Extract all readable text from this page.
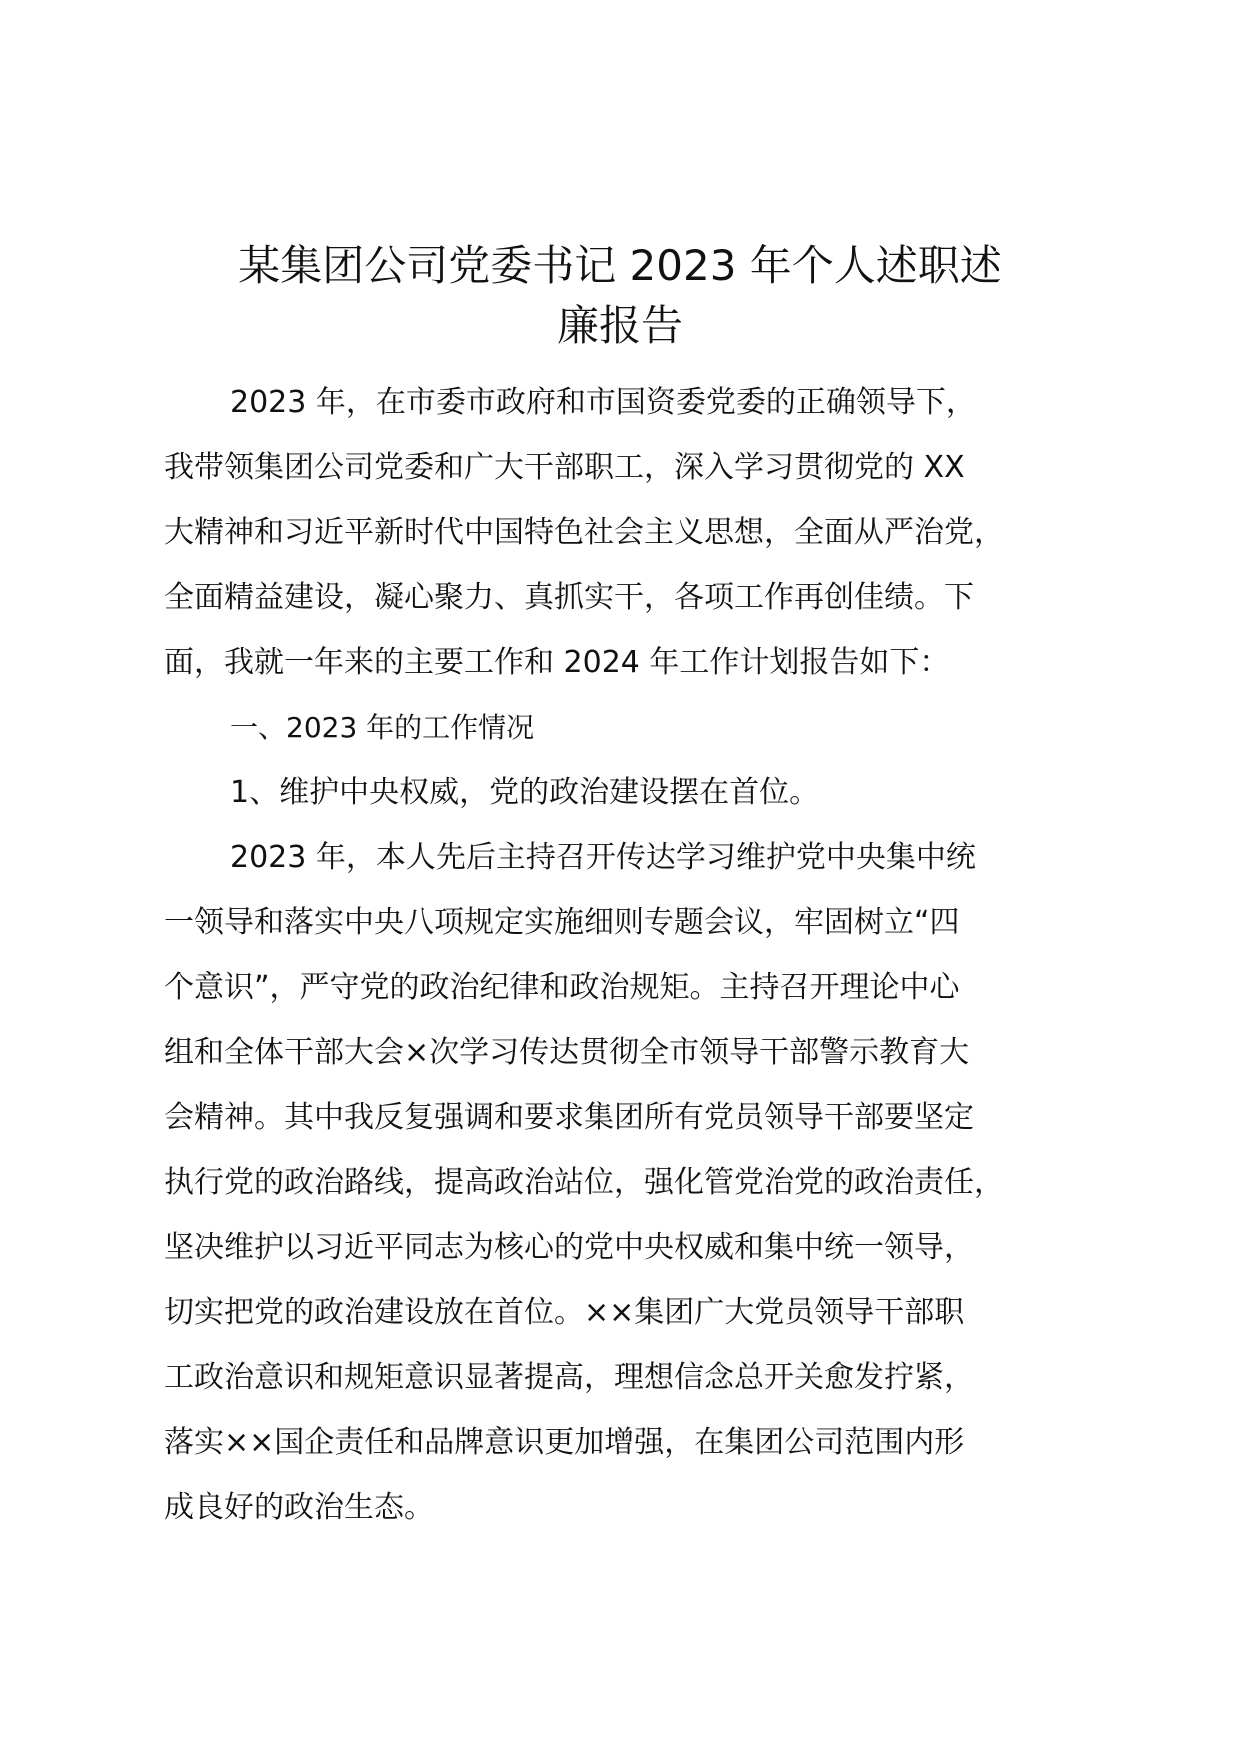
某集团公司党委书记 2023 年个人述职述
廉报告
2023 年，在市委市政府和市国资委党委的正确领导下，
我带领集团公司党委和广大干部职工，深入学习贯彻党的 XX
大精神和习近平新时代中国特色社会主义思想，全面从严治党，
全面精益建设，凝心聚力、真抓实干，各项工作再创佳绩。下
面，我就一年来的主要工作和 2024 年工作计划报告如下：
一、2023 年的工作情况
1、维护中央权威，党的政治建设摆在首位。
2023 年，本人先后主持召开传达学习维护党中央集中统
一领导和落实中央八项规定实施细则专题会议，牢固树立“四
个意识”，严守党的政治纪律和政治规矩。主持召开理论中心
组和全体干部大会×次学习传达贯彻全市领导干部警示教育大
会精神。其中我反复强调和要求集团所有党员领导干部要坚定
执行党的政治路线，提高政治站位，强化管党治党的政治责任，
坚决维护以习近平同志为核心的党中央权威和集中统一领导，
切实把党的政治建设放在首位。××集团广大党员领导干部职
工政治意识和规矩意识显著提高，理想信念总开关愈发拧紧，
落实××国企责任和品牌意识更加增强，在集团公司范围内形
成良好的政治生态。
